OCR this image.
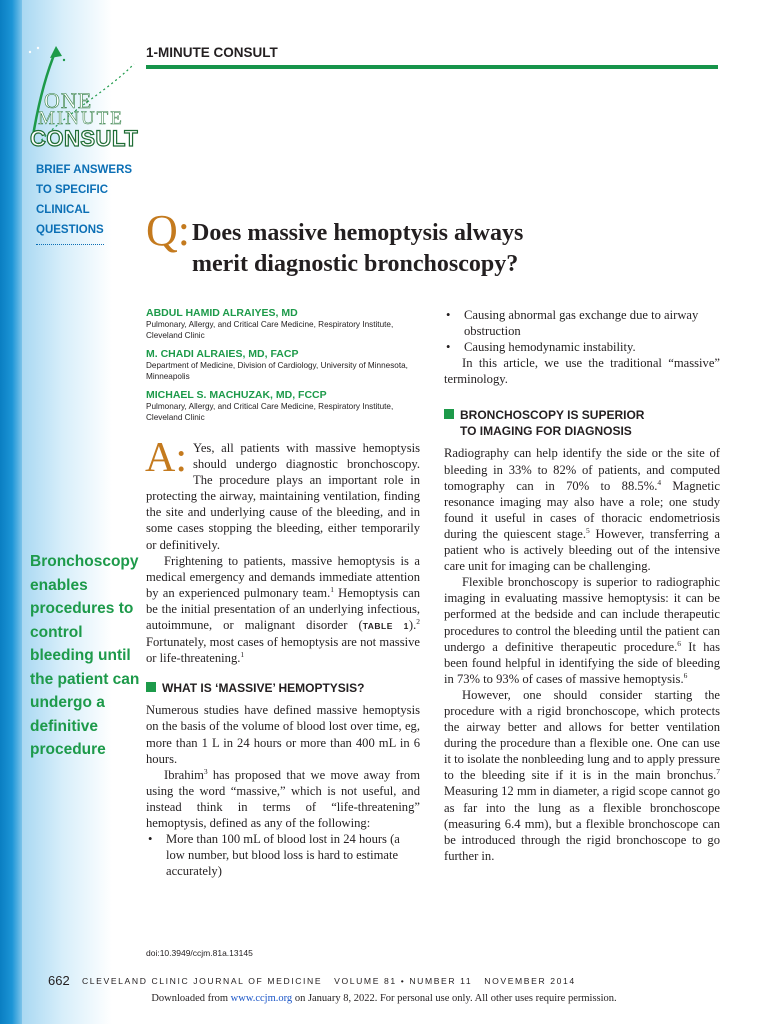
ONE
MINUTE
CONSULT
BRIEF ANSWERS
TO SPECIFIC
CLINICAL
QUESTIONS
Bronchoscopy enables procedures to control bleeding until the patient can undergo a definitive procedure
1-MINUTE CONSULT
Q: Does massive hemoptysis always
merit diagnostic bronchoscopy?
ABDUL HAMID ALRAIYES, MD
Pulmonary, Allergy, and Critical Care Medicine, Respiratory Institute,
Cleveland Clinic
M. CHADI ALRAIES, MD, FACP
Department of Medicine, Division of Cardiology, University of Minnesota,
Minneapolis
MICHAEL S. MACHUZAK, MD, FCCP
Pulmonary, Allergy, and Critical Care Medicine, Respiratory Institute,
Cleveland Clinic

A: Yes, all patients with massive hemoptysis should undergo diagnostic bronchoscopy. The procedure plays an important role in protecting the airway, maintaining ventilation, finding the site and underlying cause of the bleeding, and in some cases stopping the bleeding, either temporarily or definitively.

Frightening to patients, massive hemoptysis is a medical emergency and demands immediate attention by an experienced pulmonary team.$^1$ Hemoptysis can be the initial presentation of an underlying infectious, autoimmune, or malignant disorder (TABLE 1).$^2$ Fortunately, most cases of hemoptysis are not massive or life-threatening.$^1$

WHAT IS ‘MASSIVE’ HEMOPTYSIS?

Numerous studies have defined massive hemoptysis on the basis of the volume of blood lost over time, eg, more than 1 L in 24 hours or more than 400 mL in 6 hours.

Ibrahim$^3$ has proposed that we move away from using the word “massive,” which is not useful, and instead think in terms of “life-threatening” hemoptysis, defined as any of the following:

• More than 100 mL of blood lost in 24 hours (a low number, but blood loss is hard to estimate accurately)
• Causing abnormal gas exchange due to airway obstruction
• Causing hemodynamic instability.

In this article, we use the traditional “massive” terminology.

BRONCHOSCOPY IS SUPERIOR
TO IMAGING FOR DIAGNOSIS

Radiography can help identify the side or the site of bleeding in 33% to 82% of patients, and computed tomography can in 70% to 88.5%.$^4$ Magnetic resonance imaging may also have a role; one study found it useful in cases of thoracic endometriosis during the quiescent stage.$^5$ However, transferring a patient who is actively bleeding out of the intensive care unit for imaging can be challenging.

Flexible bronchoscopy is superior to radiographic imaging in evaluating massive hemoptysis: it can be performed at the bedside and can include therapeutic procedures to control the bleeding until the patient can undergo a definitive therapeutic procedure.$^6$ It has been found helpful in identifying the side of bleeding in 73% to 93% of cases of massive hemoptysis.$^6$

However, one should consider starting the procedure with a rigid bronchoscope, which protects the airway better and allows for better ventilation during the procedure than a flexible one. One can use it to isolate the nonbleeding lung and to apply pressure to the bleeding site if it is in the main bronchus.$^7$ Measuring 12 mm in diameter, a rigid scope cannot go as far into the lung as a flexible bronchoscope (measuring 6.4 mm), but a flexible bronchoscope can be introduced through the rigid bronchoscope to go further in.

doi:10.3949/ccjm.81a.13145
662 CLEVELAND CLINIC JOURNAL OF MEDICINE   VOLUME 81 • NUMBER 11   NOVEMBER 2014
Downloaded from www.ccjm.org on January 8, 2022. For personal use only. All other uses require permission.
